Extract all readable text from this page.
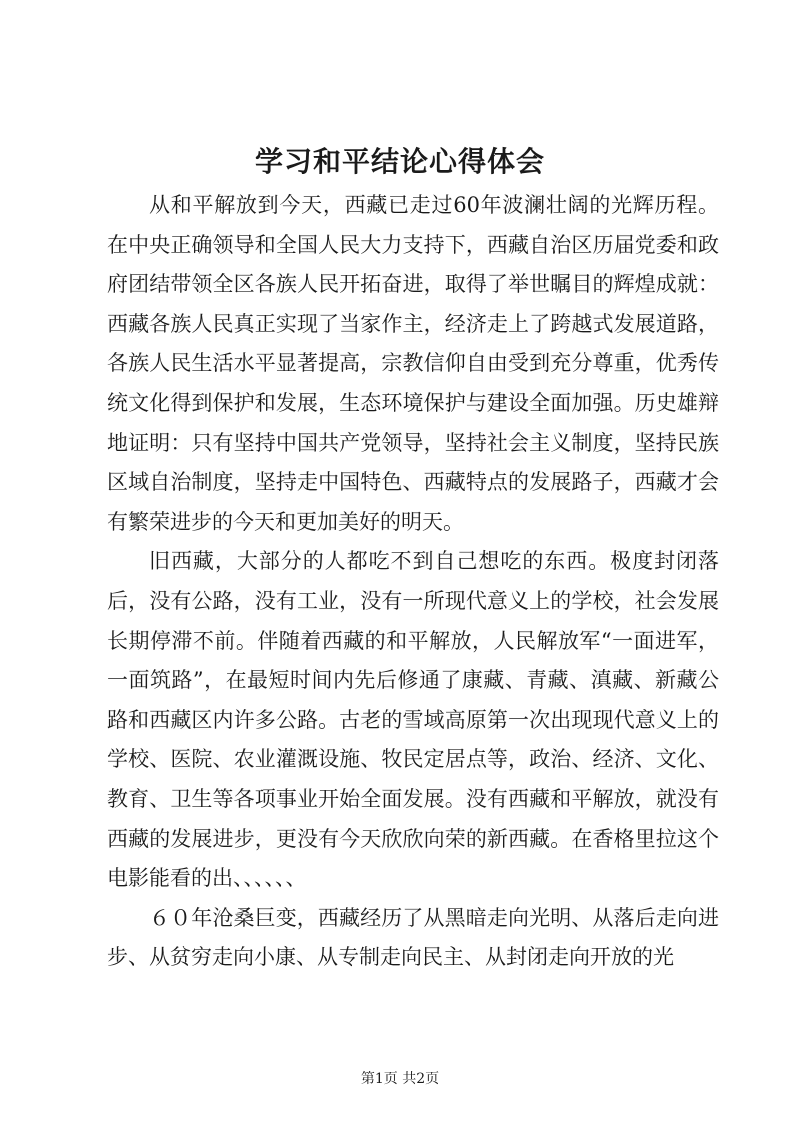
学习和平结论心得体会

从和平解放到今天，西藏已走过60年波澜壮阔的光辉历程。在中央正确领导和全国人民大力支持下，西藏自治区历届党委和政府团结带领全区各族人民开拓奋进，取得了举世瞩目的辉煌成就：西藏各族人民真正实现了当家作主，经济走上了跨越式发展道路，各族人民生活水平显著提高，宗教信仰自由受到充分尊重，优秀传统文化得到保护和发展，生态环境保护与建设全面加强。历史雄辩地证明：只有坚持中国共产党领导，坚持社会主义制度，坚持民族区域自治制度，坚持走中国特色、西藏特点的发展路子，西藏才会有繁荣进步的今天和更加美好的明天。

旧西藏，大部分的人都吃不到自己想吃的东西。极度封闭落后，没有公路，没有工业，没有一所现代意义上的学校，社会发展长期停滞不前。伴随着西藏的和平解放，人民解放军“一面进军，一面筑路”，在最短时间内先后修通了康藏、青藏、滇藏、新藏公路和西藏区内许多公路。古老的雪域高原第一次出现现代意义上的学校、医院、农业灌溉设施、牧民定居点等，政治、经济、文化、教育、卫生等各项事业开始全面发展。没有西藏和平解放，就没有西藏的发展进步，更没有今天欣欣向荣的新西藏。在香格里拉这个电影能看的出、、、、、、

６０年沧桑巨变，西藏经历了从黑暗走向光明、从落后走向进步、从贫穷走向小康、从专制走向民主、从封闭走向开放的光

第1页 共2页
